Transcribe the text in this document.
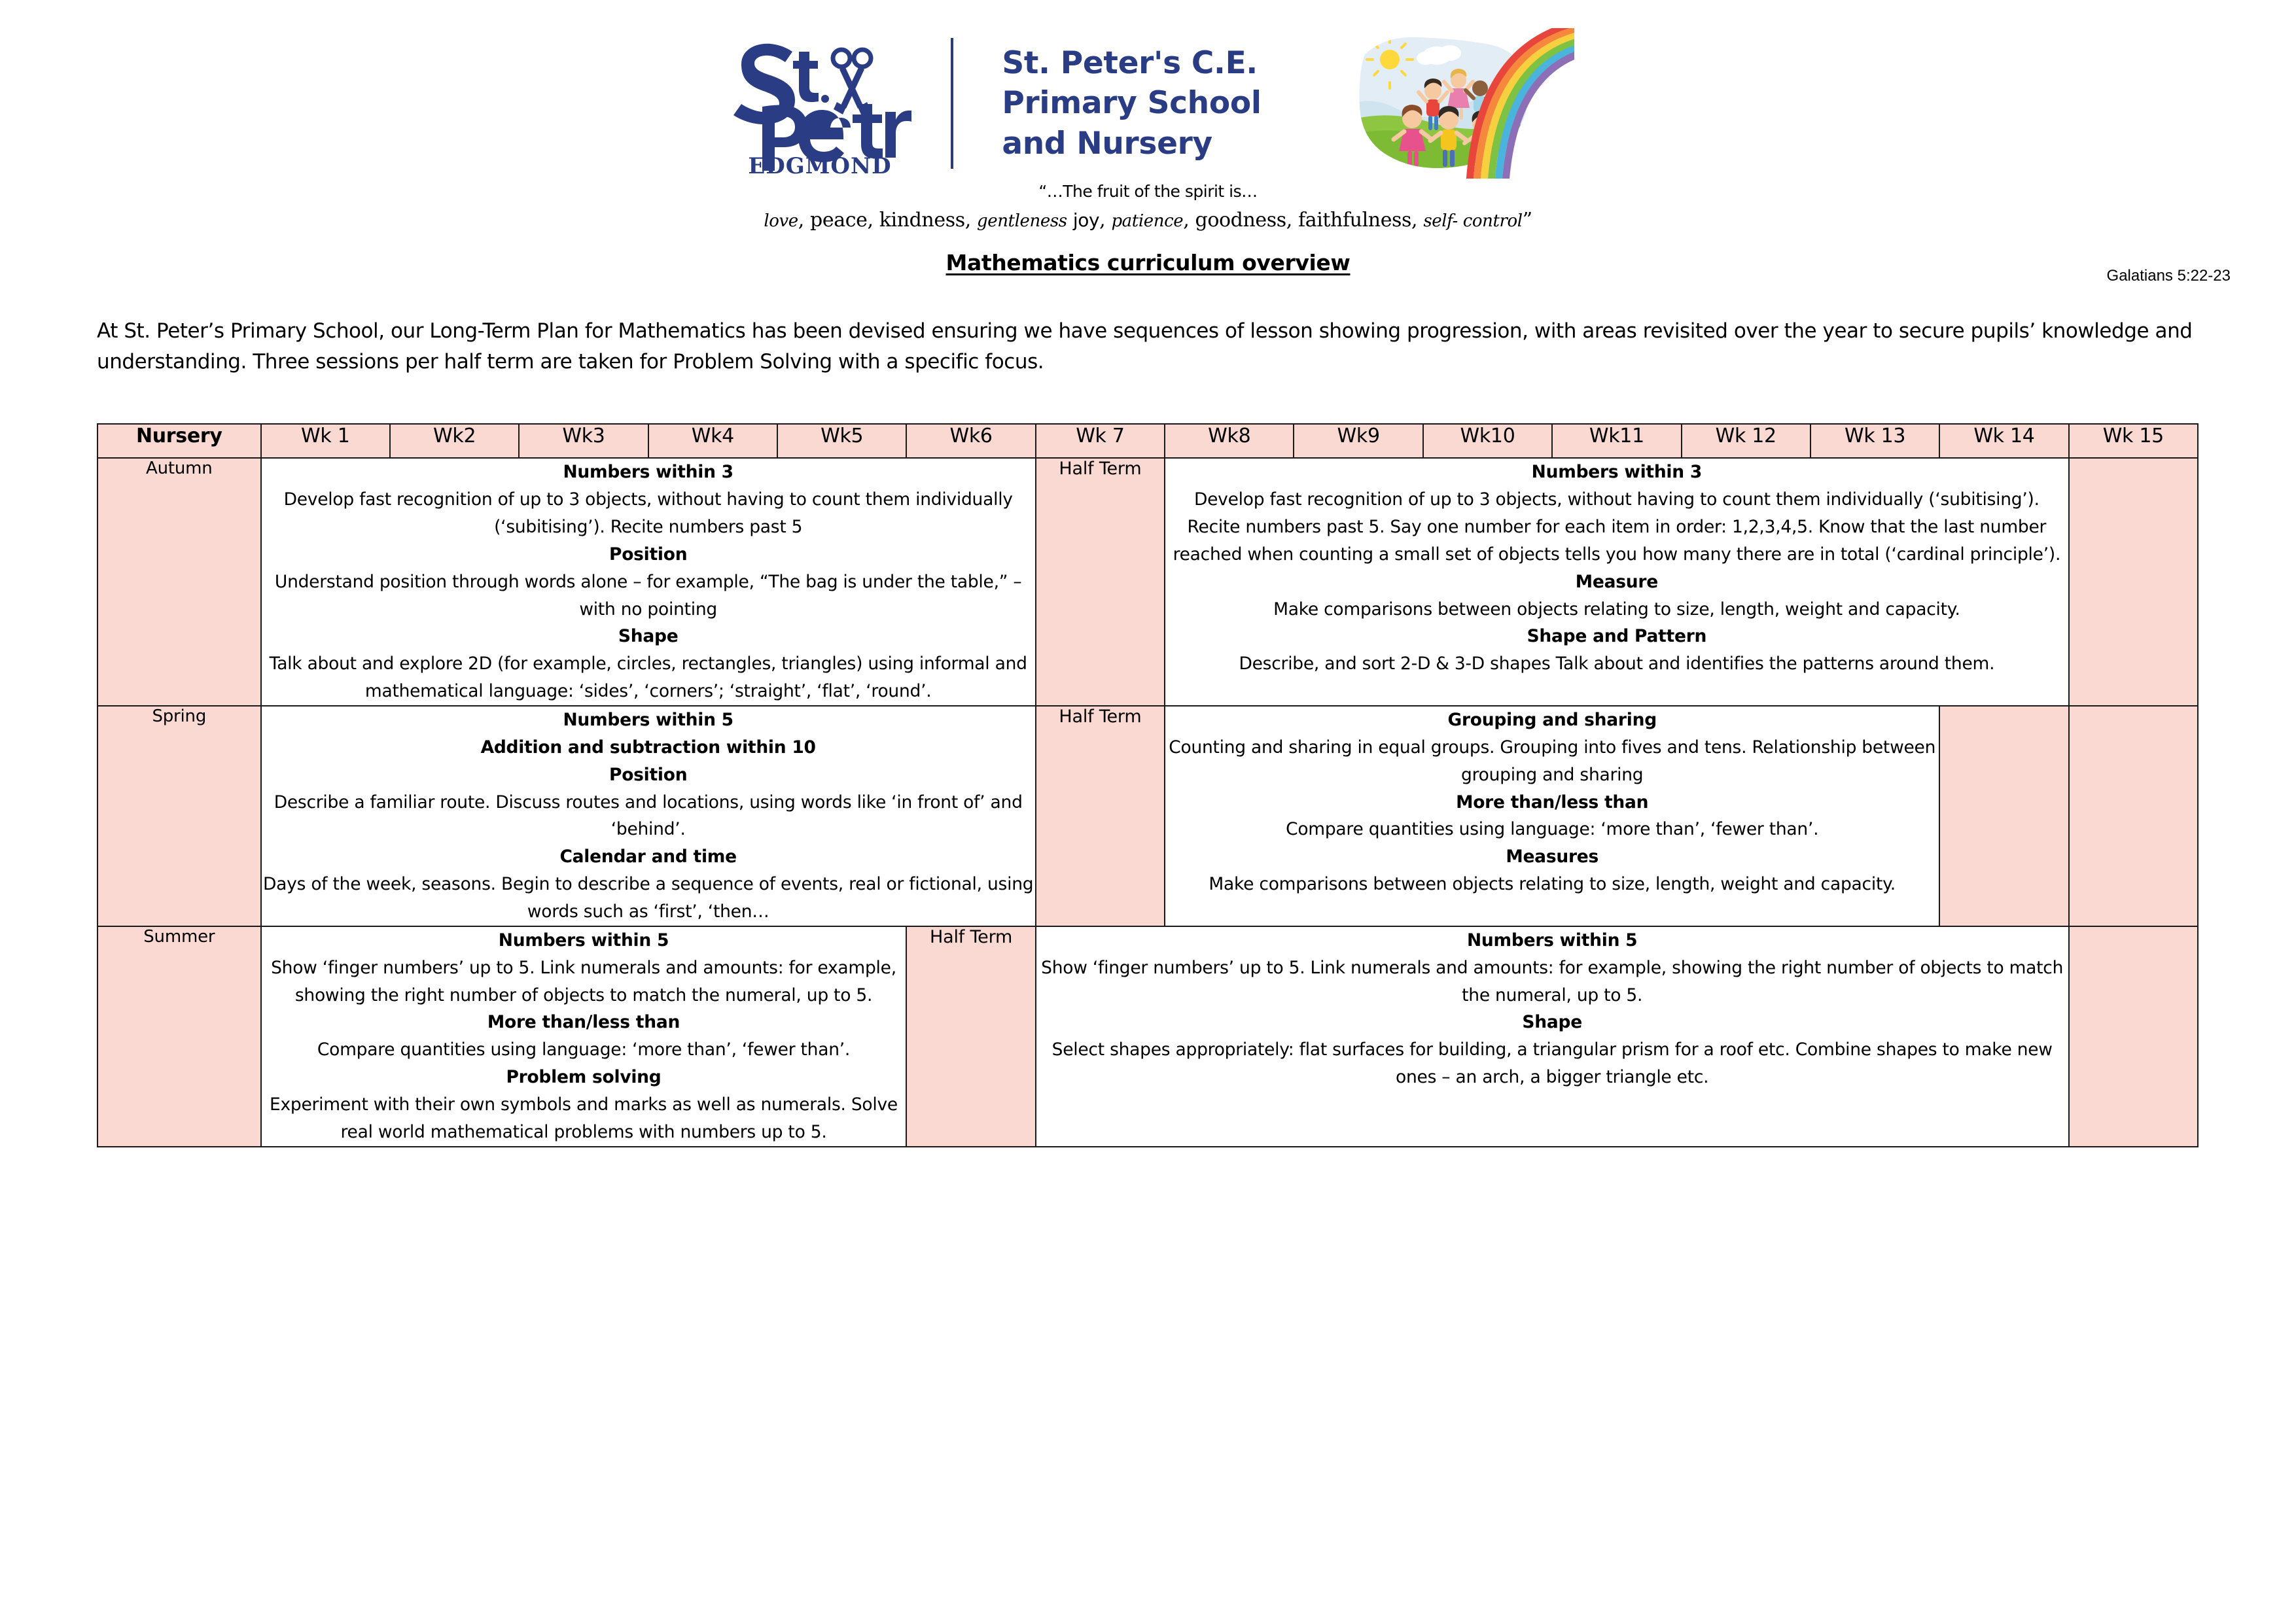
EDGMOND
St. Peter's C.E.
Primary School
and Nursery
“…The fruit of the spirit is…
love, peace, kindness, gentleness joy, patience, goodness, faithfulness, self- control”
Galatians 5:22-23
Mathematics curriculum overview
At St. Peter’s Primary School, our Long-Term Plan for Mathematics has been devised ensuring we have sequences of lesson showing progression, with areas revisited over the year to secure pupils’ knowledge and understanding. Three sessions per half term are taken for Problem Solving with a specific focus.
Nursery	Wk 1	Wk2	Wk3	Wk4	Wk5	Wk6	Wk 7	Wk8	Wk9	Wk10	Wk11	Wk 12	Wk 13	Wk 14	Wk 15
Autumn	Numbers within 3
Develop fast recognition of up to 3 objects, without having to count them individually (‘subitising’). Recite numbers past 5
Position
Understand position through words alone – for example, “The bag is under the table,” – with no pointing
Shape
Talk about and explore 2D (for example, circles, rectangles, triangles) using informal and mathematical language: ‘sides’, ‘corners’; ‘straight’, ‘flat’, ‘round’.
	Half Term	Numbers within 3
Develop fast recognition of up to 3 objects, without having to count them individually (‘subitising’). Recite numbers past 5. Say one number for each item in order: 1,2,3,4,5. Know that the last number reached when counting a small set of objects tells you how many there are in total (‘cardinal principle’).
Measure
Make comparisons between objects relating to size, length, weight and capacity.
Shape and Pattern
Describe, and sort 2-D & 3-D shapes Talk about and identifies the patterns around them.

Spring	Numbers within 5
Addition and subtraction within 10
Position
Describe a familiar route. Discuss routes and locations, using words like ‘in front of’ and ‘behind’.
Calendar and time
Days of the week, seasons. Begin to describe a sequence of events, real or fictional, using words such as ‘first’, ‘then…
	Half Term	Grouping and sharing
Counting and sharing in equal groups. Grouping into fives and tens. Relationship between grouping and sharing
More than/less than
Compare quantities using language: ‘more than’, ‘fewer than’.
Measures
Make comparisons between objects relating to size, length, weight and capacity.

Summer	Numbers within 5
Show ‘finger numbers’ up to 5. Link numerals and amounts: for example, showing the right number of objects to match the numeral, up to 5.
More than/less than
Compare quantities using language: ‘more than’, ‘fewer than’.
Problem solving
Experiment with their own symbols and marks as well as numerals. Solve real world mathematical problems with numbers up to 5.
	Half Term	Numbers within 5
Show ‘finger numbers’ up to 5. Link numerals and amounts: for example, showing the right number of objects to match the numeral, up to 5.
Shape
Select shapes appropriately: flat surfaces for building, a triangular prism for a roof etc. Combine shapes to make new ones – an arch, a bigger triangle etc.
